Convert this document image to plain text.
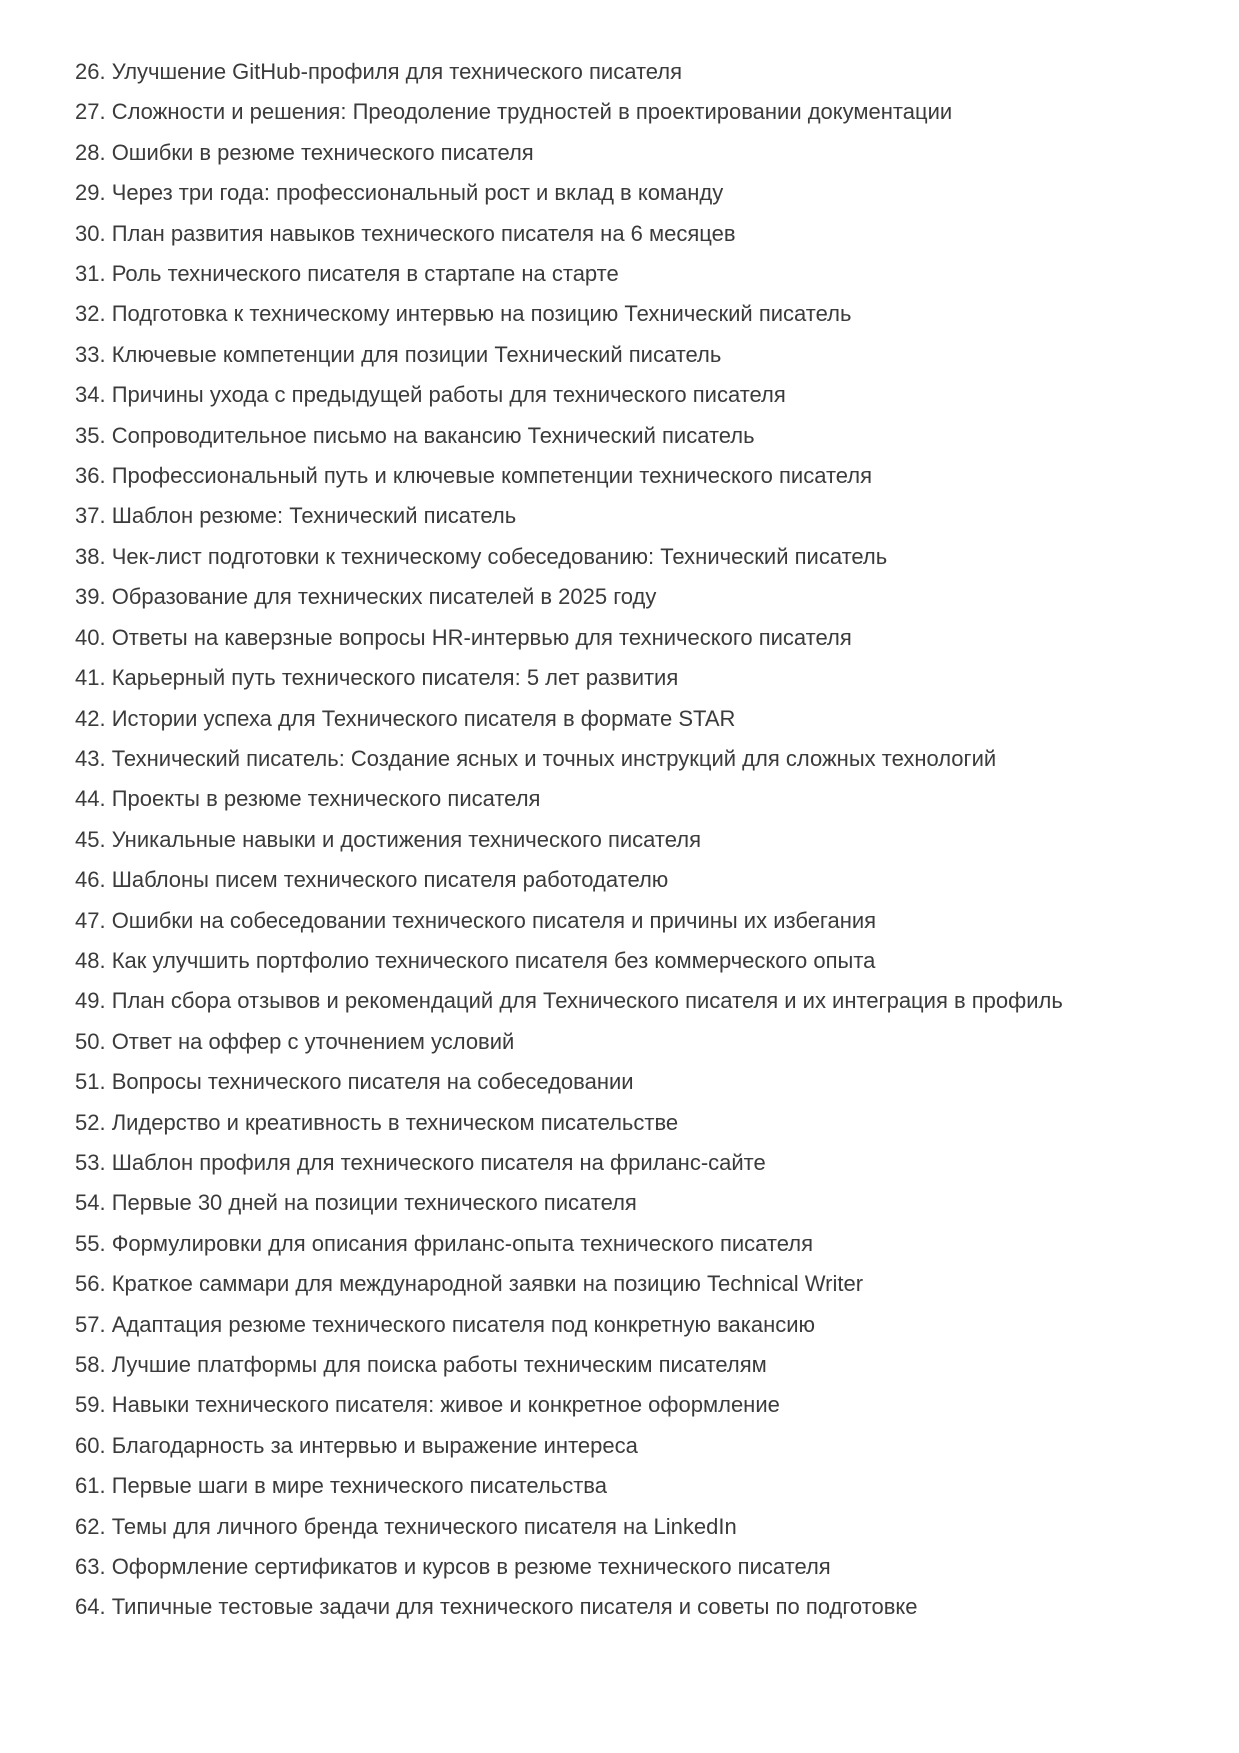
26. Улучшение GitHub-профиля для технического писателя
27. Сложности и решения: Преодоление трудностей в проектировании документации
28. Ошибки в резюме технического писателя
29. Через три года: профессиональный рост и вклад в команду
30. План развития навыков технического писателя на 6 месяцев
31. Роль технического писателя в стартапе на старте
32. Подготовка к техническому интервью на позицию Технический писатель
33. Ключевые компетенции для позиции Технический писатель
34. Причины ухода с предыдущей работы для технического писателя
35. Сопроводительное письмо на вакансию Технический писатель
36. Профессиональный путь и ключевые компетенции технического писателя
37. Шаблон резюме: Технический писатель
38. Чек-лист подготовки к техническому собеседованию: Технический писатель
39. Образование для технических писателей в 2025 году
40. Ответы на каверзные вопросы HR-интервью для технического писателя
41. Карьерный путь технического писателя: 5 лет развития
42. Истории успеха для Технического писателя в формате STAR
43. Технический писатель: Создание ясных и точных инструкций для сложных технологий
44. Проекты в резюме технического писателя
45. Уникальные навыки и достижения технического писателя
46. Шаблоны писем технического писателя работодателю
47. Ошибки на собеседовании технического писателя и причины их избегания
48. Как улучшить портфолио технического писателя без коммерческого опыта
49. План сбора отзывов и рекомендаций для Технического писателя и их интеграция в профиль
50. Ответ на оффер с уточнением условий
51. Вопросы технического писателя на собеседовании
52. Лидерство и креативность в техническом писательстве
53. Шаблон профиля для технического писателя на фриланс-сайте
54. Первые 30 дней на позиции технического писателя
55. Формулировки для описания фриланс-опыта технического писателя
56. Краткое саммари для международной заявки на позицию Technical Writer
57. Адаптация резюме технического писателя под конкретную вакансию
58. Лучшие платформы для поиска работы техническим писателям
59. Навыки технического писателя: живое и конкретное оформление
60. Благодарность за интервью и выражение интереса
61. Первые шаги в мире технического писательства
62. Темы для личного бренда технического писателя на LinkedIn
63. Оформление сертификатов и курсов в резюме технического писателя
64. Типичные тестовые задачи для технического писателя и советы по подготовке
